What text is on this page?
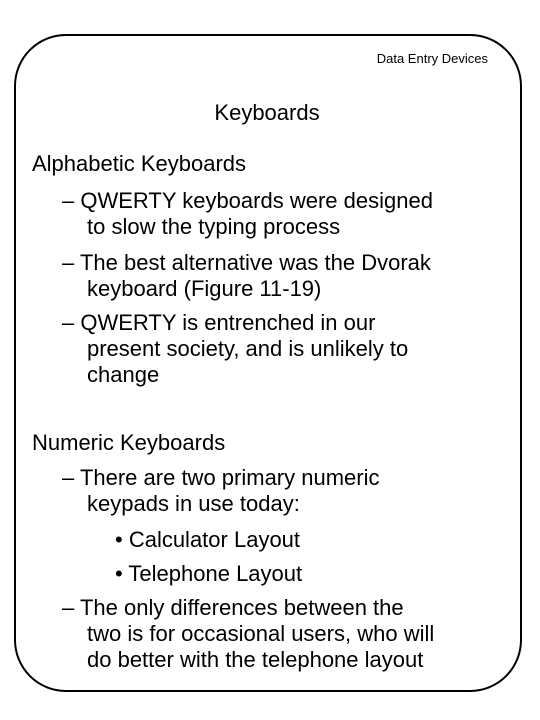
Data Entry Devices
Keyboards
Alphabetic Keyboards
– QWERTY keyboards were designed
to slow the typing process
– The best alternative was the Dvorak
keyboard (Figure 11-19)
– QWERTY is entrenched in our
present society, and is unlikely to
change
Numeric Keyboards
– There are two primary numeric
keypads in use today:
• Calculator Layout
• Telephone Layout
– The only differences between the
two is for occasional users, who will
do better with the telephone layout
